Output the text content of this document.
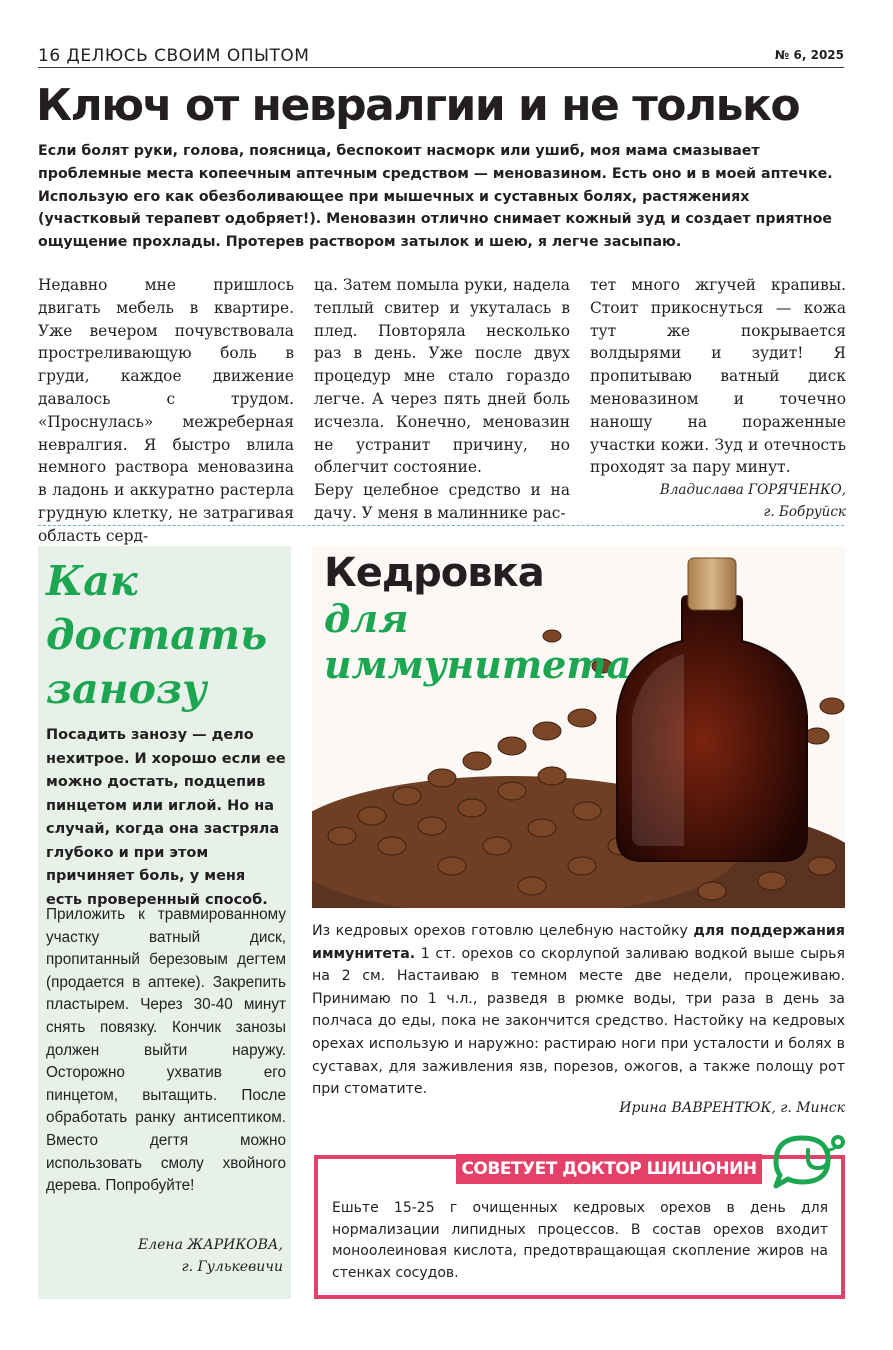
16 ДЕЛЮСЬ СВОИМ ОПЫТОМ	№ 6, 2025
Ключ от невралгии и не только

Если болят руки, голова, поясница, беспокоит насморк или ушиб, моя мама смазывает проблемные места копеечным аптечным средством — меновазином. Есть оно и в моей аптечке. Использую его как обезболивающее при мышечных и суставных болях, растяжениях (участковый терапевт одобряет!). Меновазин отлично снимает кожный зуд и создает приятное ощущение прохлады. Протерев раствором затылок и шею, я легче засыпаю.

Недавно мне пришлось двигать мебель в квартире. Уже вечером почувствовала простреливающую боль в груди, каждое движение давалось с трудом. «Проснулась» межреберная невралгия. Я быстро влила немного раствора меновазина в ладонь и аккуратно растерла грудную клетку, не затрагивая область серд-

ца. Затем помыла руки, надела теплый свитер и укуталась в плед. Повторяла несколько раз в день. Уже после двух процедур мне стало гораздо легче. А через пять дней боль исчезла. Конечно, меновазин не устранит причину, но облегчит состояние.

Беру целебное средство и на дачу. У меня в малиннике рас-

тет много жгучей крапивы. Стоит прикоснуться — кожа тут же покрывается волдырями и зудит! Я пропитываю ватный диск меновазином и точечно наношу на пораженные участки кожи. Зуд и отечность проходят за пару минут.

Владислава ГОРЯЧЕНКО,

г. Бобруйск

Как достать занозу

Посадить занозу — дело нехитрое. И хорошо если ее можно достать, подцепив пинцетом или иглой. Но на случай, когда она застряла глубоко и при этом причиняет боль, у меня есть проверенный способ.

Приложить к травмированному участку ватный диск, пропитанный березовым дегтем (продается в аптеке). Закрепить пластырем. Через 30-40 минут снять повязку. Кончик занозы должен выйти наружу. Осторожно ухватив его пинцетом, вытащить. После обработать ранку антисептиком. Вместо дегтя можно использовать смолу хвойного дерева. Попробуйте!

Елена ЖАРИКОВА,
г. Гулькевичи
Кедровка
для
иммунитета

Из кедровых орехов готовлю целебную настойку для поддержания иммунитета. 1 ст. орехов со скорлупой заливаю водкой выше сырья на 2 см. Настаиваю в темном месте две недели, процеживаю. Принимаю по 1 ч.л., разведя в рюмке воды, три раза в день за полчаса до еды, пока не закончится средство. Настойку на кедровых орехах использую и наружно: растираю ноги при усталости и болях в суставах, для заживления язв, порезов, ожогов, а также полощу рот при стоматите.

Ирина ВАВРЕНТЮК, г. Минск

СОВЕТУЕТ ДОКТОР ШИШОНИН

Ешьте 15-25 г очищенных кедровых орехов в день для нормализации липидных процессов. В состав орехов входит моноолеиновая кислота, предотвращающая скопление жиров на стенках сосудов.
